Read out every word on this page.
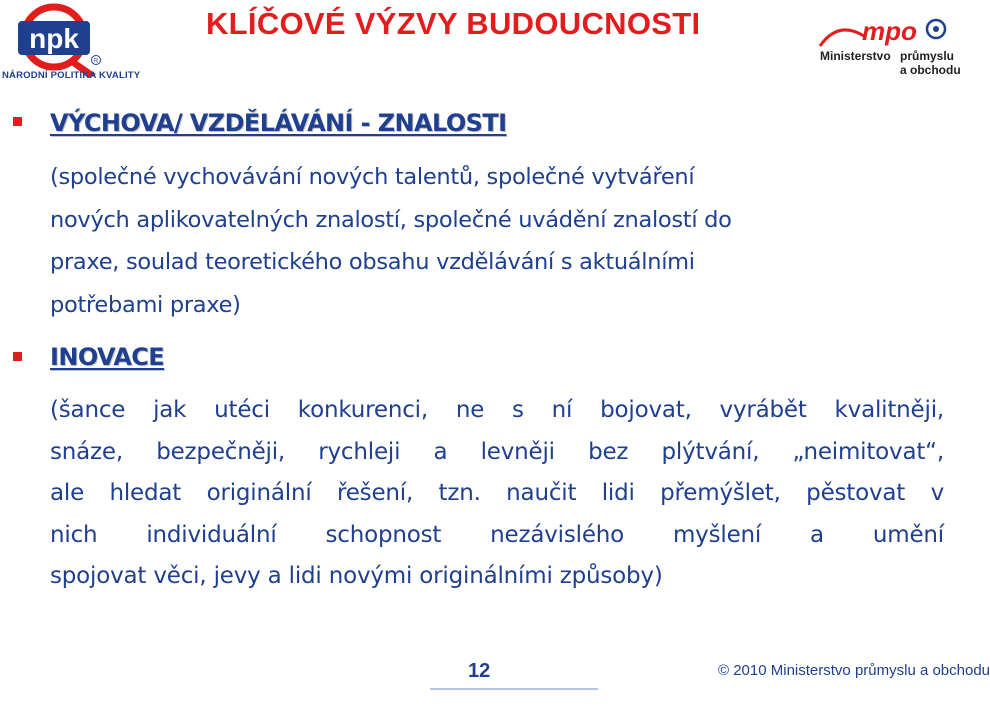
npk
R
NÁRODNÍ POLITIKA KVALITY
KLÍČOVÉ VÝZVY BUDOUCNOSTI	mpo
Ministerstvo průmyslu
a obchodu
VÝCHOVA/ VZDĚLÁVÁNÍ - ZNALOSTI
(společné vychovávání nových talentů, společné vytváření
nových aplikovatelných znalostí, společné uvádění znalostí do
praxe, soulad teoretického obsahu vzdělávání s aktuálními
potřebami praxe)
INOVACE
(šance jak utéci konkurenci, ne s ní bojovat, vyrábět kvalitněji,
snáze, bezpečněji, rychleji a levněji bez plýtvání, „neimitovat“,
ale hledat originální řešení, tzn. naučit lidi přemýšlet, pěstovat v
nich individuální schopnost nezávislého myšlení a umění
spojovat věci, jevy a lidi novými originálními způsoby)
12	© 2010 Ministerstvo průmyslu a obchodu
